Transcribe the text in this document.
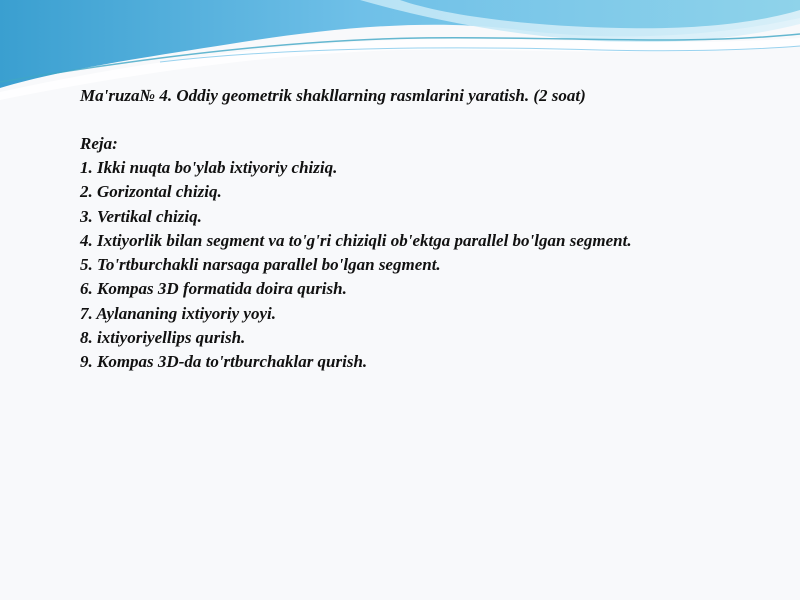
Ma'ruza№ 4. Oddiy geometrik shakllarning rasmlarini yaratish. (2 soat)

Reja:

1. Ikki nuqta bo'ylab ixtiyoriy chiziq.
2. Gorizontal chiziq.
3. Vertikal chiziq.
4. Ixtiyorlik bilan segment va to'g'ri chiziqli ob'ektga parallel bo'lgan segment.
5. To'rtburchakli narsaga parallel bo'lgan segment.
6. Kompas 3D formatida doira qurish.
7. Aylananing ixtiyoriy yoyi.
8. ixtiyoriyellips qurish.
9. Kompas 3D-da to'rtburchaklar qurish.
